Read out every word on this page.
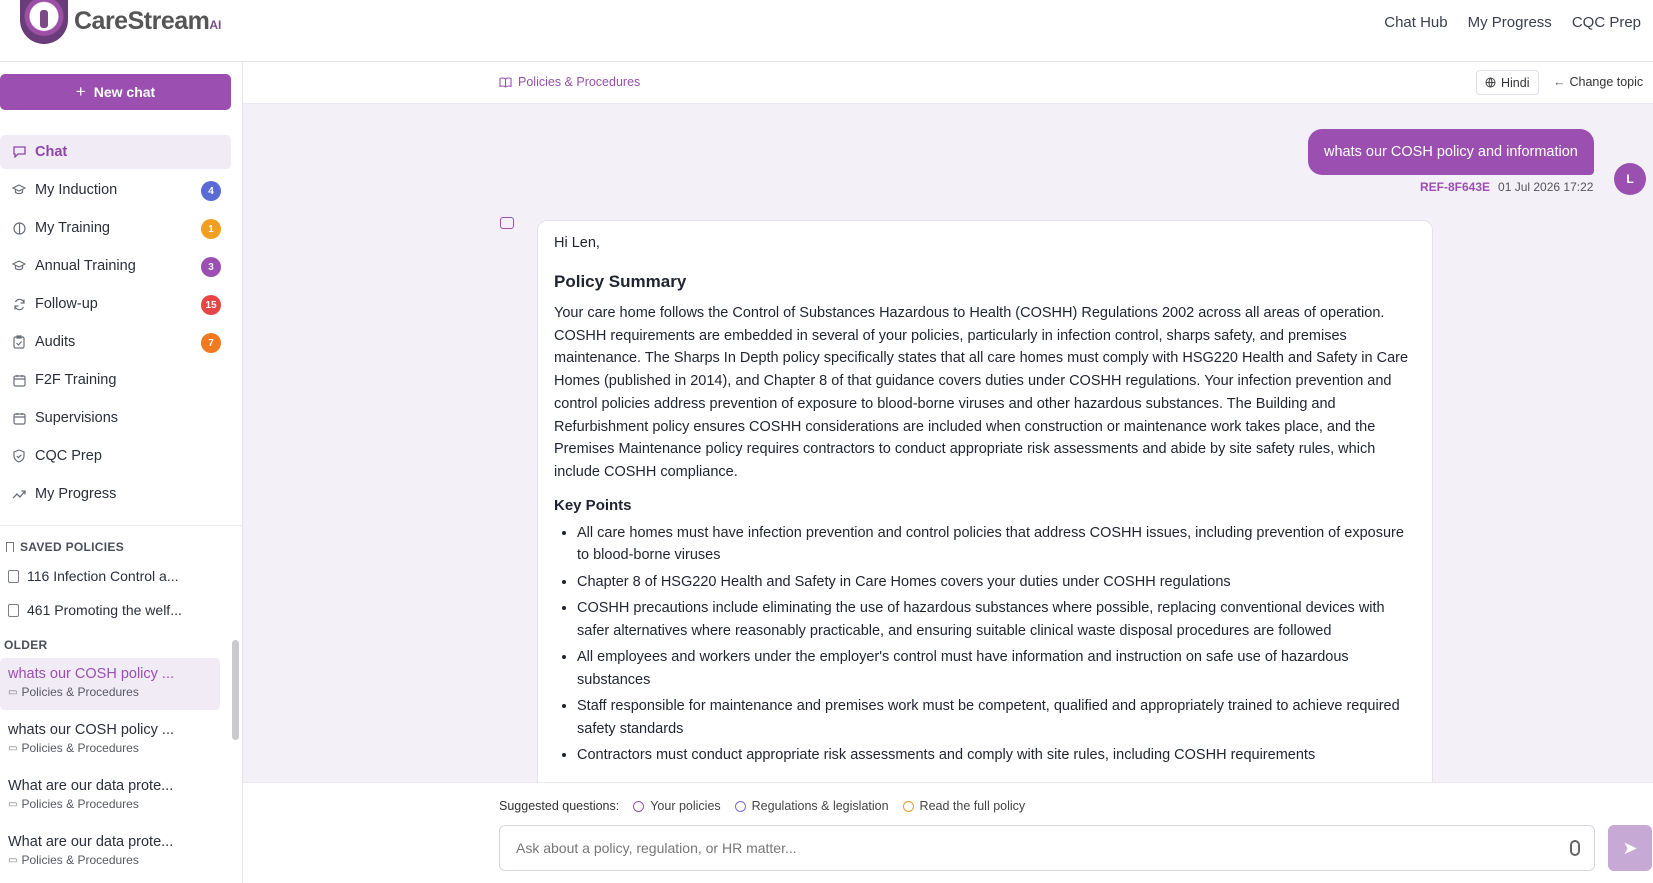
CareStreamAI	Chat Hub My Progress CQC Prep
+ New chat
Chat
My Induction	4
My Training	1
Annual Training	3
Follow-up	15
Audits	7
F2F Training
Supervisions
CQC Prep
My Progress
SAVED POLICIES
116 Infection Control a...
461 Promoting the welf...
OLDER
whats our COSH policy ...
▭ Policies & Procedures
whats our COSH policy ...
▭ Policies & Procedures
What are our data prote...
▭ Policies & Procedures
What are our data prote...
▭ Policies & Procedures
Policies & Procedures	Hindi ← Change topic
whats our COSH policy and information
REF-8F643E 01 Jul 2026 17:22
L
Hi Len,
Policy Summary
Your care home follows the Control of Substances Hazardous to Health (COSHH) Regulations 2002 across all areas of operation. COSHH requirements are embedded in several of your policies, particularly in infection control, sharps safety, and premises maintenance. The Sharps In Depth policy specifically states that all care homes must comply with HSG220 Health and Safety in Care Homes (published in 2014), and Chapter 8 of that guidance covers duties under COSHH regulations. Your infection prevention and control policies address prevention of exposure to blood-borne viruses and other hazardous substances. The Building and Refurbishment policy ensures COSHH considerations are included when construction or maintenance work takes place, and the Premises Maintenance policy requires contractors to conduct appropriate risk assessments and abide by site safety rules, which include COSHH compliance.
Key Points
• All care homes must have infection prevention and control policies that address COSHH issues, including prevention of exposure to blood-borne viruses
• Chapter 8 of HSG220 Health and Safety in Care Homes covers your duties under COSHH regulations
• COSHH precautions include eliminating the use of hazardous substances where possible, replacing conventional devices with safer alternatives where reasonably practicable, and ensuring suitable clinical waste disposal procedures are followed
• All employees and workers under the employer's control must have information and instruction on safe use of hazardous substances
• Staff responsible for maintenance and premises work must be competent, qualified and appropriately trained to achieve required safety standards
• Contractors must conduct appropriate risk assessments and comply with site rules, including COSHH requirements
Suggested questions: Your policies Regulations & legislation Read the full policy
Ask about a policy, regulation, or HR matter...	➤
